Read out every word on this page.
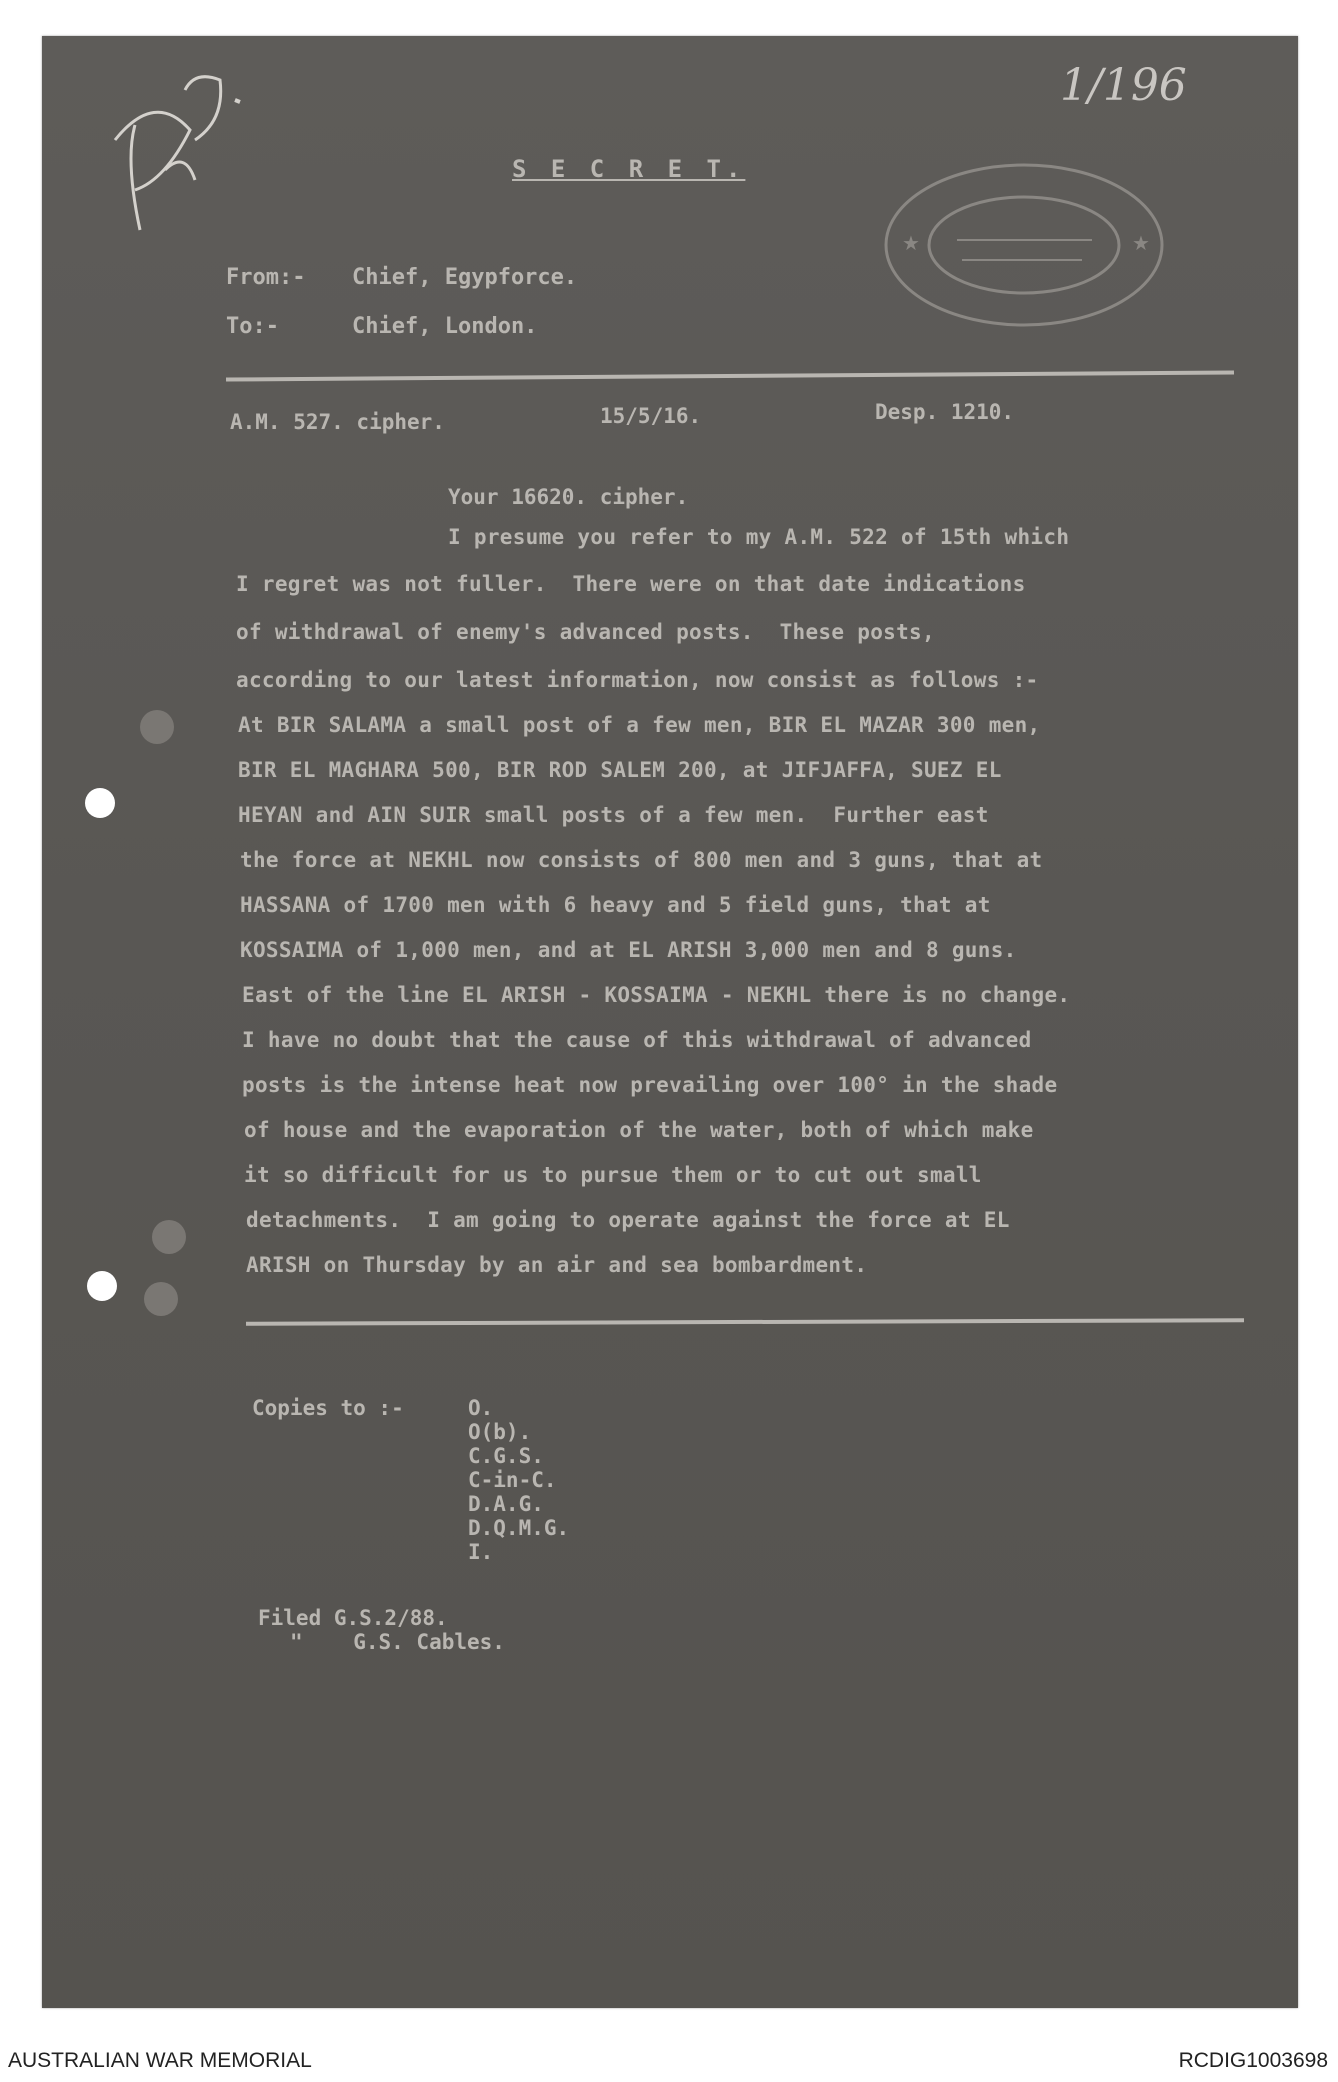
1/196
★	★
S E C R E T.
From:- Chief, Egypforce.
To:-	Chief, London.
A.M. 527. cipher.	15/5/16.	Desp. 1210.
Your 16620. cipher.
I presume you refer to my A.M. 522 of 15th which
I regret was not fuller.  There were on that date indications
of withdrawal of enemy's advanced posts.  These posts,
according to our latest information, now consist as follows :-
At BIR SALAMA a small post of a few men, BIR EL MAZAR 300 men,
BIR EL MAGHARA 500, BIR ROD SALEM 200, at JIFJAFFA, SUEZ EL
HEYAN and AIN SUIR small posts of a few men.  Further east
the force at NEKHL now consists of 800 men and 3 guns, that at
HASSANA of 1700 men with 6 heavy and 5 field guns, that at
KOSSAIMA of 1,000 men, and at EL ARISH 3,000 men and 8 guns.
East of the line EL ARISH - KOSSAIMA - NEKHL there is no change.
I have no doubt that the cause of this withdrawal of advanced
posts is the intense heat now prevailing over 100° in the shade
of house and the evaporation of the water, both of which make
it so difficult for us to pursue them or to cut out small
detachments.  I am going to operate against the force at EL
ARISH on Thursday by an air and sea bombardment.
Copies to :-	O.
O(b).
C.G.S.
C-in-C.
D.A.G.
D.Q.M.G.
I.
Filed G.S.2/88.
"    G.S. Cables.
AUSTRALIAN WAR MEMORIAL	RCDIG1003698
